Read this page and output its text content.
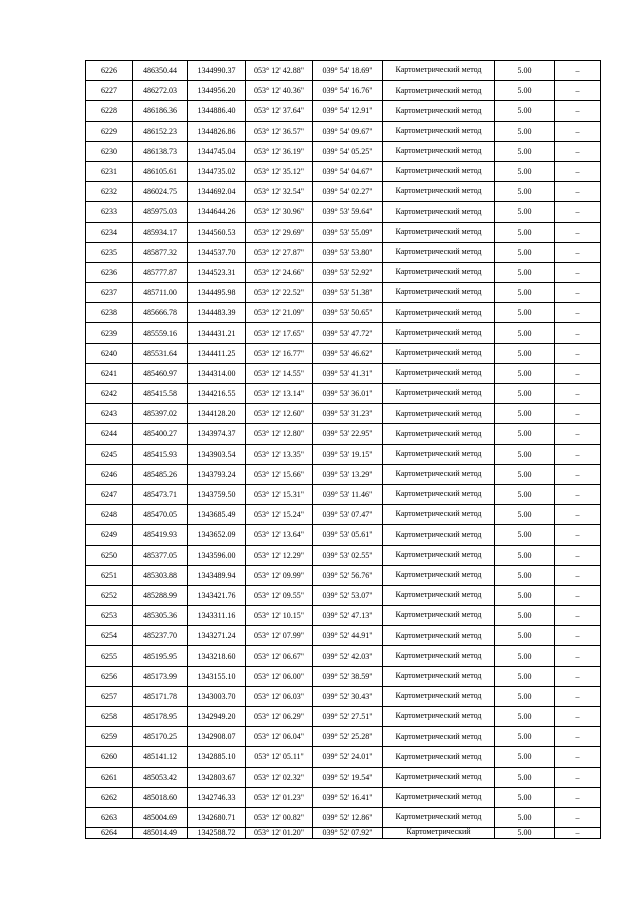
6226	486350.44	1344990.37	053° 12' 42.88"	039° 54' 18.69"	Картометрический метод	5.00	–
6227	486272.03	1344956.20	053° 12' 40.36"	039° 54' 16.76"	Картометрический метод	5.00	–
6228	486186.36	1344886.40	053° 12' 37.64"	039° 54' 12.91"	Картометрический метод	5.00	–
6229	486152.23	1344826.86	053° 12' 36.57"	039° 54' 09.67"	Картометрический метод	5.00	–
6230	486138.73	1344745.04	053° 12' 36.19"	039° 54' 05.25"	Картометрический метод	5.00	–
6231	486105.61	1344735.02	053° 12' 35.12"	039° 54' 04.67"	Картометрический метод	5.00	–
6232	486024.75	1344692.04	053° 12' 32.54"	039° 54' 02.27"	Картометрический метод	5.00	–
6233	485975.03	1344644.26	053° 12' 30.96"	039° 53' 59.64"	Картометрический метод	5.00	–
6234	485934.17	1344560.53	053° 12' 29.69"	039° 53' 55.09"	Картометрический метод	5.00	–
6235	485877.32	1344537.70	053° 12' 27.87"	039° 53' 53.80"	Картометрический метод	5.00	–
6236	485777.87	1344523.31	053° 12' 24.66"	039° 53' 52.92"	Картометрический метод	5.00	–
6237	485711.00	1344495.98	053° 12' 22.52"	039° 53' 51.38"	Картометрический метод	5.00	–
6238	485666.78	1344483.39	053° 12' 21.09"	039° 53' 50.65"	Картометрический метод	5.00	–
6239	485559.16	1344431.21	053° 12' 17.65"	039° 53' 47.72"	Картометрический метод	5.00	–
6240	485531.64	1344411.25	053° 12' 16.77"	039° 53' 46.62"	Картометрический метод	5.00	–
6241	485460.97	1344314.00	053° 12' 14.55"	039° 53' 41.31"	Картометрический метод	5.00	–
6242	485415.58	1344216.55	053° 12' 13.14"	039° 53' 36.01"	Картометрический метод	5.00	–
6243	485397.02	1344128.20	053° 12' 12.60"	039° 53' 31.23"	Картометрический метод	5.00	–
6244	485400.27	1343974.37	053° 12' 12.80"	039° 53' 22.95"	Картометрический метод	5.00	–
6245	485415.93	1343903.54	053° 12' 13.35"	039° 53' 19.15"	Картометрический метод	5.00	–
6246	485485.26	1343793.24	053° 12' 15.66"	039° 53' 13.29"	Картометрический метод	5.00	–
6247	485473.71	1343759.50	053° 12' 15.31"	039° 53' 11.46"	Картометрический метод	5.00	–
6248	485470.05	1343685.49	053° 12' 15.24"	039° 53' 07.47"	Картометрический метод	5.00	–
6249	485419.93	1343652.09	053° 12' 13.64"	039° 53' 05.61"	Картометрический метод	5.00	–
6250	485377.05	1343596.00	053° 12' 12.29"	039° 53' 02.55"	Картометрический метод	5.00	–
6251	485303.88	1343489.94	053° 12' 09.99"	039° 52' 56.76"	Картометрический метод	5.00	–
6252	485288.99	1343421.76	053° 12' 09.55"	039° 52' 53.07"	Картометрический метод	5.00	–
6253	485305.36	1343311.16	053° 12' 10.15"	039° 52' 47.13"	Картометрический метод	5.00	–
6254	485237.70	1343271.24	053° 12' 07.99"	039° 52' 44.91"	Картометрический метод	5.00	–
6255	485195.95	1343218.60	053° 12' 06.67"	039° 52' 42.03"	Картометрический метод	5.00	–
6256	485173.99	1343155.10	053° 12' 06.00"	039° 52' 38.59"	Картометрический метод	5.00	–
6257	485171.78	1343003.70	053° 12' 06.03"	039° 52' 30.43"	Картометрический метод	5.00	–
6258	485178.95	1342949.20	053° 12' 06.29"	039° 52' 27.51"	Картометрический метод	5.00	–
6259	485170.25	1342908.07	053° 12' 06.04"	039° 52' 25.28"	Картометрический метод	5.00	–
6260	485141.12	1342885.10	053° 12' 05.11"	039° 52' 24.01"	Картометрический метод	5.00	–
6261	485053.42	1342803.67	053° 12' 02.32"	039° 52' 19.54"	Картометрический метод	5.00	–
6262	485018.60	1342746.33	053° 12' 01.23"	039° 52' 16.41"	Картометрический метод	5.00	–
6263	485004.69	1342680.71	053° 12' 00.82"	039° 52' 12.86"	Картометрический метод	5.00	–
6264	485014.49	1342588.72	053° 12' 01.20"	039° 52' 07.92"	Картометрический	5.00	–
